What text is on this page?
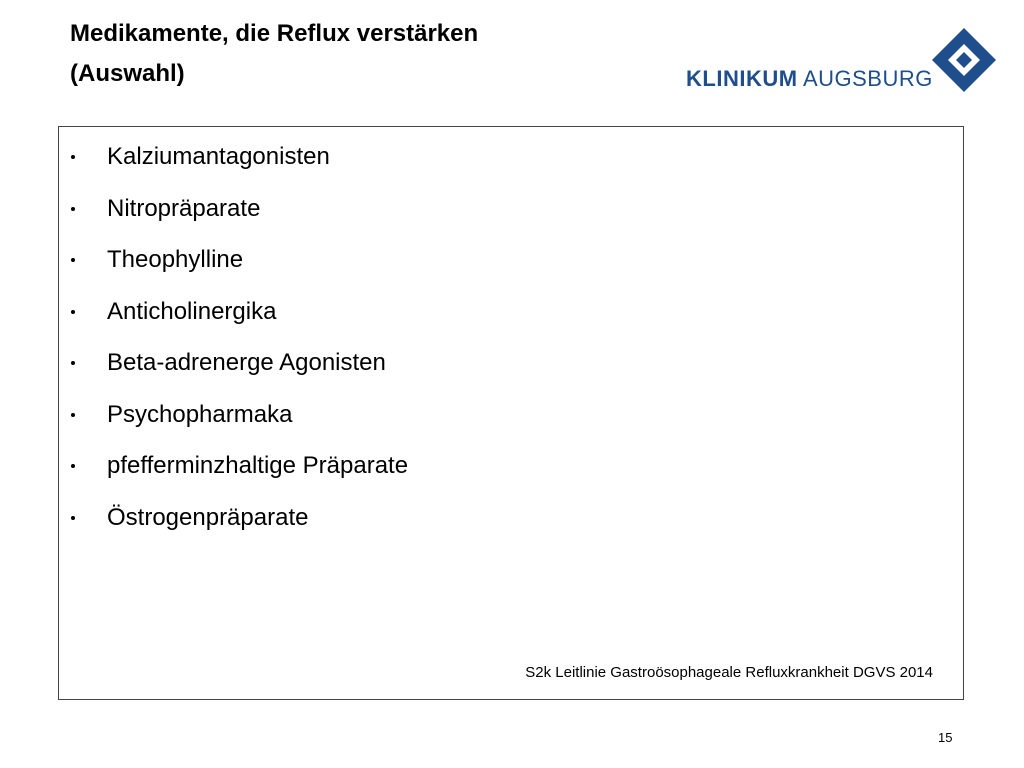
Medikamente, die Reflux verstärken
(Auswahl)	KLINIKUM AUGSBURG
Kalziumantagonisten
Nitropräparate
Theophylline
Anticholinergika
Beta-adrenerge Agonisten
Psychopharmaka
pfefferminzhaltige Präparate
Östrogenpräparate
S2k Leitlinie Gastroösophageale Refluxkrankheit DGVS 2014
15
